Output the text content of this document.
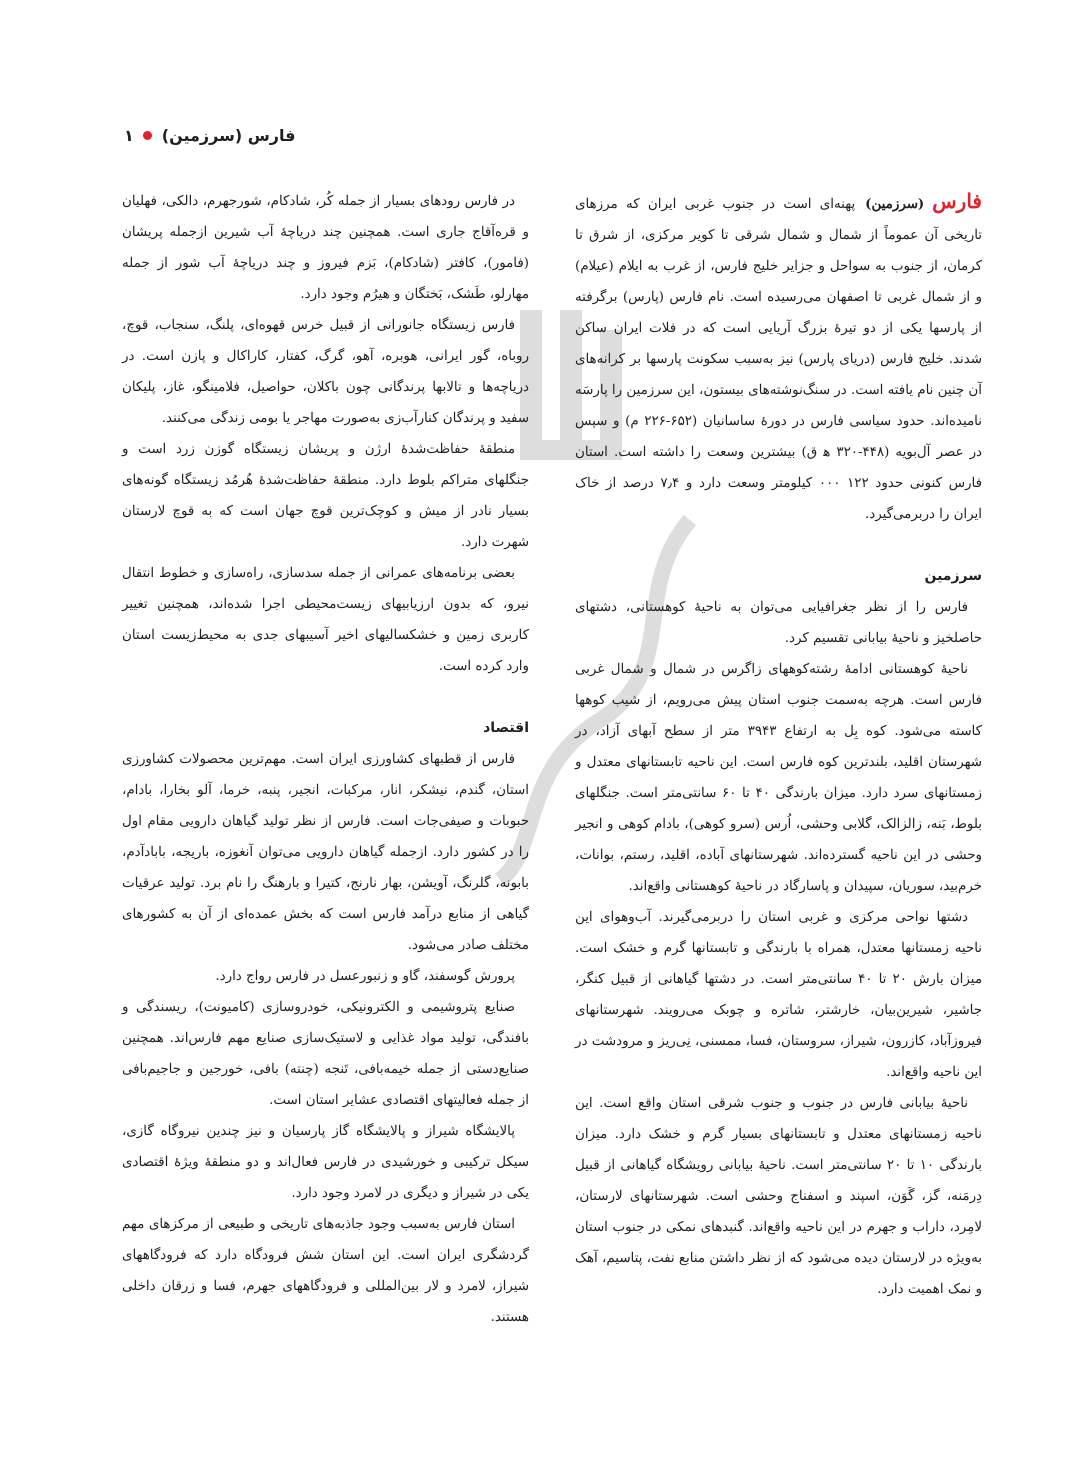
فارس (سرزمین)
۱

فارس(سرزمین)پهنه‌ای است در جنوب غربی ایران که مرزهای تاریخی آن عموماً از شمال و شمال شرقی تا کویر مرکزی، از شرق تا کرمان، از جنوب به سواحل و جزایر خلیج فارس، از غرب به ایلام (عیلام) و از شمال غربی تا اصفهان می‌رسیده است. نام فارس (پارس) برگرفته از پارسها یکی از دو تیرهٔ بزرگ آریایی است که در فلات ایران ساکن شدند. خلیج فارس (دریای پارس) نیز به‌سبب سکونت پارسها بر کرانه‌های آن چنین نام یافته است. در سنگ‌نوشته‌های بیستون، این سرزمین را پارسَه نامیده‌اند. حدود سیاسی فارس در دورهٔ ساسانیان (۶۵۲-۲۲۶ م) و سپس در عصر آل‌بویه (۴۴۸-۳۲۰ ه‍ ق) بیشترین وسعت را داشته است. استان فارس کنونی حدود ۱۲۲ ۰۰۰ کیلومتر وسعت دارد و ۷٫۴ درصد از خاک ایران را دربرمی‌گیرد.

سرزمین

فارس را از نظر جغرافیایی می‌توان به ناحیهٔ کوهستانی، دشتهای حاصلخیز و ناحیهٔ بیابانی تقسیم کرد.

ناحیهٔ کوهستانی ادامهٔ رشته‌کوههای زاگرس در شمال و شمال غربی فارس است. هرچه به‌سمت جنوب استان پیش می‌رویم، از شیب کوهها کاسته می‌شود. کوه بِل به ارتفاع ۳۹۴۳ متر از سطح آبهای آزاد، در شهرستان اقلید، بلندترین کوه فارس است. این ناحیه تابستانهای معتدل و زمستانهای سرد دارد. میزان بارندگی ۴۰ تا ۶۰ سانتی‌متر است. جنگلهای بلوط، بَنه، زالزالک، گلابی وحشی، اُرس (سرو کوهی)، بادام کوهی و انجیر وحشی در این ناحیه گسترده‌اند. شهرستانهای آباده، اقلید، رستم، بوانات، خرم‌بید، سوریان، سپیدان و پاسارگاد در ناحیهٔ کوهستانی واقع‌اند.

دشتها نواحی مرکزی و غربی استان را دربرمی‌گیرند. آب‌وهوای این ناحیه زمستانها معتدل، همراه با بارندگی و تابستانها گرم و خشک است. میزان بارش ۲۰ تا ۴۰ سانتی‌متر است. در دشتها گیاهانی از قبیل کنگر، جاشیر، شیرین‌بیان، خارشتر، شاتره و چوبک می‌رویند. شهرستانهای فیروزآباد، کازرون، شیراز، سروستان، فسا، ممسنی، نِی‌ریز و مرودشت در این ناحیه واقع‌اند.

ناحیهٔ بیابانی فارس در جنوب و جنوب شرقی استان واقع است. این ناحیه زمستانهای معتدل و تابستانهای بسیار گرم و خشک دارد. میزان بارندگی ۱۰ تا ۲۰ سانتی‌متر است. ناحیهٔ بیابانی رویشگاه گیاهانی از قبیل دِرمَنه، گز، گَوَن، اسپند و اسفناج وحشی است. شهرستانهای لارستان، لامِرد، داراب و جهرم در این ناحیه واقع‌اند. گنبدهای نمکی در جنوب استان به‌ویژه در لارستان دیده می‌شود که از نظر داشتن منابع نفت، پتاسیم، آهک و نمک اهمیت دارد.

در فارس رودهای بسیار از جمله کُر، شادکام، شورجهرم، دالکی، فهلیان و قره‌آقاج جاری است. همچنین چند دریاچهٔ آب شیرین ازجمله پریشان (فامور)، کافتر (شادکام)، بَزم فیروز و چند دریاچهٔ آب شور از جمله مهارلو، طَشک، بَختگان و هیرُم وجود دارد.

فارس زیستگاه جانورانی از قبیل خرس قهوه‌ای، پلنگ، سنجاب، قوچ، روباه، گور ایرانی، هوبره، آهو، گرگ، کفتار، کاراکال و پازن است. در دریاچه‌ها و تالابها پرندگانی چون باکلان، حواصیل، فلامینگو، غاز، پلیکان سفید و پرندگان کنارآب‌زی به‌صورت مهاجر یا بومی زندگی می‌کنند.

منطقهٔ حفاظت‌شدهٔ ارژن و پریشان زیستگاه گوزن زرد است و جنگلهای متراکم بلوط دارد. منطقهٔ حفاظت‌شدهٔ هُرمُد زیستگاه گونه‌های بسیار نادر از میش و کوچک‌ترین قوچ جهان است که به قوچ لارستان شهرت دارد.

بعضی برنامه‌های عمرانی از جمله سدسازی، راه‌سازی و خطوط انتقال نیرو، که بدون ارزیابیهای زیست‌محیطی اجرا شده‌اند، همچنین تغییر کاربری زمین و خشکسالیهای اخیر آسیبهای جدی به محیط‌زیست استان وارد کرده است.

اقتصاد

فارس از قطبهای کشاورزی ایران است. مهم‌ترین محصولات کشاورزی استان، گندم، نیشکر، انار، مرکبات، انجیر، پنبه، خرما، آلو بخارا، بادام، حبوبات و صیفی‌جات است. فارس از نظر تولید گیاهان دارویی مقام اول را در کشور دارد. ازجمله گیاهان دارویی می‌توان آنغوزه، باریجه، بابادآدم، بابونه، گلرنگ، آویشن، بهار نارنج، کتیرا و بارهنگ را نام برد. تولید عرقیات گیاهی از منابع درآمد فارس است که بخش عمده‌ای از آن به کشورهای مختلف صادر می‌شود.

پرورش گوسفند، گاو و زنبورعسل در فارس رواج دارد.

صنایع پتروشیمی و الکترونیکی، خودروسازی (کامیونت)، ریسندگی و بافندگی، تولید مواد غذایی و لاستیک‌سازی صنایع مهم فارس‌اند. همچنین صنایع‌دستی از جمله خیمه‌بافی، تَنجه (چنته) بافی، خورجین و جاجیم‌بافی از جمله فعالیتهای اقتصادی عشایر استان است.

پالایشگاه شیراز و پالایشگاه گاز پارسیان و نیز چندین نیروگاه گازی، سیکل ترکیبی و خورشیدی در فارس فعال‌اند و دو منطقهٔ ویژهٔ اقتصادی یکی در شیراز و دیگری در لامرد وجود دارد.

استان فارس به‌سبب وجود جاذبه‌های تاریخی و طبیعی از مرکزهای مهم گردشگری ایران است. این استان شش فرودگاه دارد که فرودگاههای شیراز، لامرد و لار بین‌المللی و فرودگاههای جهرم، فسا و زرقان داخلی هستند.
